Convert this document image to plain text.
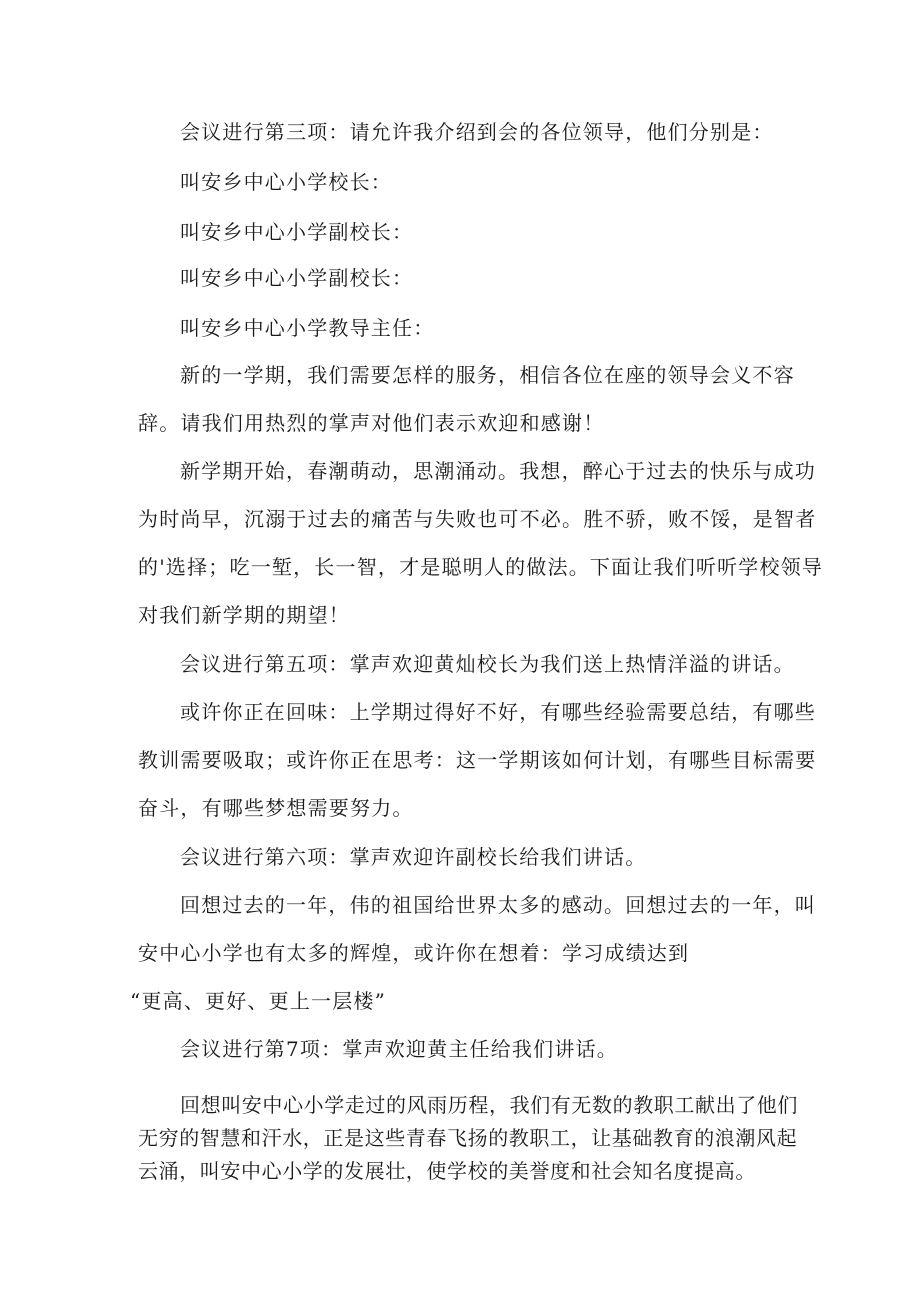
会议进行第三项：请允许我介绍到会的各位领导，他们分别是：
叫安乡中心小学校长：
叫安乡中心小学副校长：
叫安乡中心小学副校长：
叫安乡中心小学教导主任：
新的一学期，我们需要怎样的服务，相信各位在座的领导会义不容
辞。请我们用热烈的掌声对他们表示欢迎和感谢！
新学期开始，春潮萌动，思潮涌动。我想，醉心于过去的快乐与成功
为时尚早，沉溺于过去的痛苦与失败也可不必。胜不骄，败不馁，是智者
的'选择；吃一堑，长一智，才是聪明人的做法。下面让我们听听学校领导
对我们新学期的期望！
会议进行第五项：掌声欢迎黄灿校长为我们送上热情洋溢的讲话。
或许你正在回味：上学期过得好不好，有哪些经验需要总结，有哪些
教训需要吸取；或许你正在思考：这一学期该如何计划，有哪些目标需要
奋斗，有哪些梦想需要努力。
会议进行第六项：掌声欢迎许副校长给我们讲话。
回想过去的一年，伟的祖国给世界太多的感动。回想过去的一年，叫
安中心小学也有太多的辉煌，或许你在想着：学习成绩达到
“更高、更好、更上一层楼”
会议进行第7项：掌声欢迎黄主任给我们讲话。
回想叫安中心小学走过的风雨历程，我们有无数的教职工献出了他们
无穷的智慧和汗水，正是这些青春飞扬的教职工，让基础教育的浪潮风起
云涌，叫安中心小学的发展壮，使学校的美誉度和社会知名度提高。
